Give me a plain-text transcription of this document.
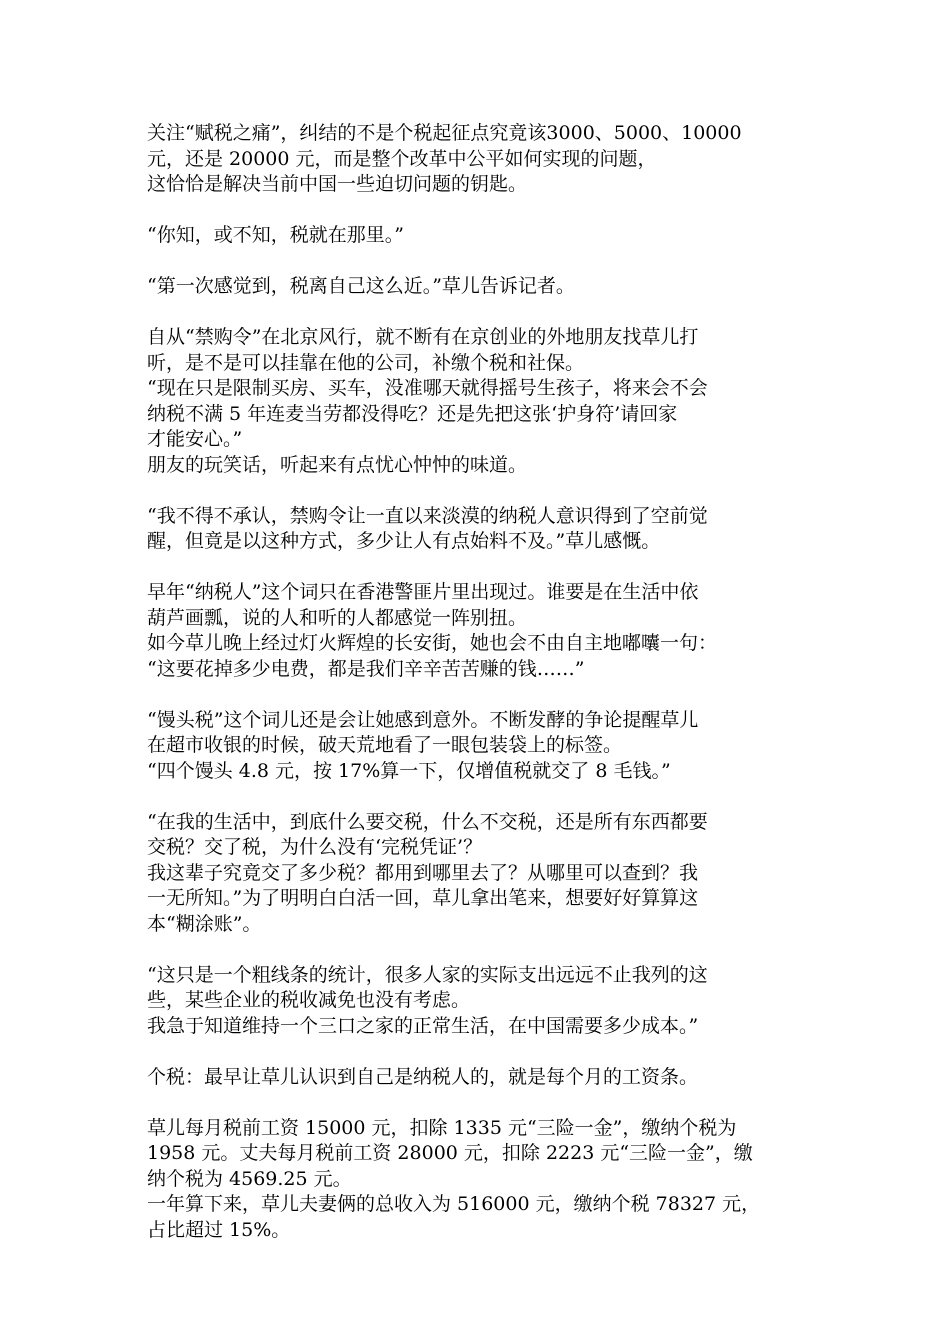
关注“赋税之痛”，纠结的不是个税起征点究竟该3000、5000、10000
元，还是 20000 元，而是整个改革中公平如何实现的问题，
这恰恰是解决当前中国一些迫切问题的钥匙。
“你知，或不知，税就在那里。”
“第一次感觉到，税离自己这么近。”草儿告诉记者。
自从“禁购令”在北京风行，就不断有在京创业的外地朋友找草儿打
听，是不是可以挂靠在他的公司，补缴个税和社保。
“现在只是限制买房、买车，没准哪天就得摇号生孩子，将来会不会
纳税不满 5 年连麦当劳都没得吃？还是先把这张‘护身符’请回家
才能安心。”
朋友的玩笑话，听起来有点忧心忡忡的味道。
“我不得不承认，禁购令让一直以来淡漠的纳税人意识得到了空前觉
醒，但竟是以这种方式，多少让人有点始料不及。”草儿感慨。
早年“纳税人”这个词只在香港警匪片里出现过。谁要是在生活中依
葫芦画瓢，说的人和听的人都感觉一阵别扭。
如今草儿晚上经过灯火辉煌的长安街，她也会不由自主地嘟囔一句：
“这要花掉多少电费，都是我们辛辛苦苦赚的钱……”
“馒头税”这个词儿还是会让她感到意外。不断发酵的争论提醒草儿
在超市收银的时候，破天荒地看了一眼包装袋上的标签。
“四个馒头 4.8 元，按 17%算一下，仅增值税就交了 8 毛钱。”
“在我的生活中，到底什么要交税，什么不交税，还是所有东西都要
交税？交了税，为什么没有‘完税凭证’？
我这辈子究竟交了多少税？都用到哪里去了？从哪里可以查到？我
一无所知。”为了明明白白活一回，草儿拿出笔来，想要好好算算这
本“糊涂账”。
“这只是一个粗线条的统计，很多人家的实际支出远远不止我列的这
些，某些企业的税收减免也没有考虑。
我急于知道维持一个三口之家的正常生活，在中国需要多少成本。”
个税：最早让草儿认识到自己是纳税人的，就是每个月的工资条。
草儿每月税前工资 15000 元，扣除 1335 元“三险一金”，缴纳个税为
1958 元。丈夫每月税前工资 28000 元，扣除 2223 元“三险一金”，缴
纳个税为 4569.25 元。
一年算下来，草儿夫妻俩的总收入为 516000 元，缴纳个税 78327 元，
占比超过 15%。
